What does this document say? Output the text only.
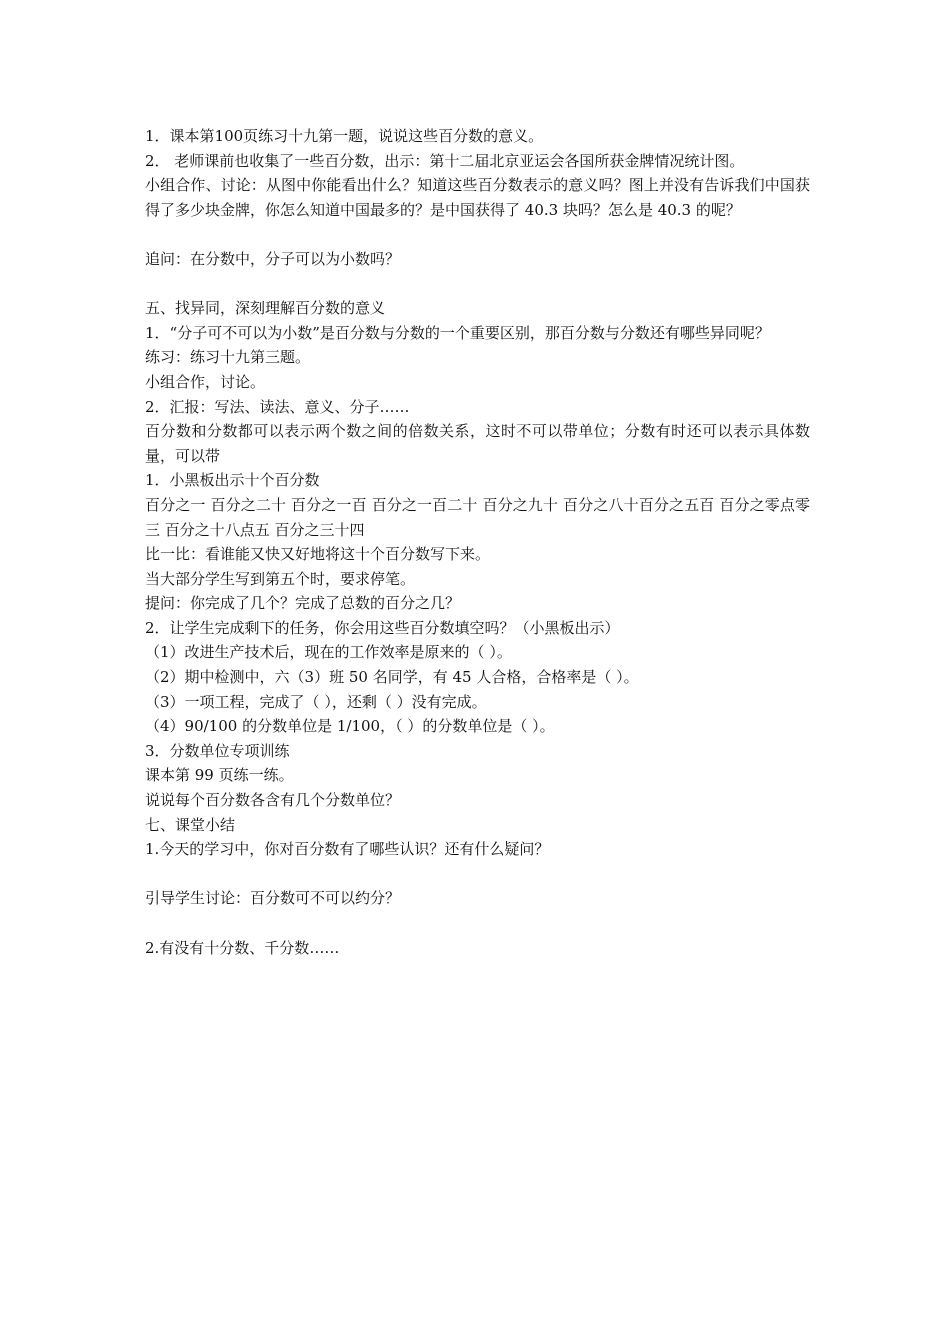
1．课本第100页练习十九第一题，说说这些百分数的意义。
2． 老师课前也收集了一些百分数，出示：第十二届北京亚运会各国所获金牌情况统计图。
小组合作、讨论：从图中你能看出什么？知道这些百分数表示的意义吗？图上并没有告诉我们中国获得了多少块金牌，你怎么知道中国最多的？是中国获得了 40.3 块吗？怎么是 40.3 的呢？
追问：在分数中，分子可以为小数吗？
五、找异同，深刻理解百分数的意义
1．“分子可不可以为小数”是百分数与分数的一个重要区别，那百分数与分数还有哪些异同呢？
练习：练习十九第三题。
小组合作，讨论。
2．汇报：写法、读法、意义、分子……
百分数和分数都可以表示两个数之间的倍数关系，这时不可以带单位；分数有时还可以表示具体数量，可以带
1．小黑板出示十个百分数
百分之一 百分之二十 百分之一百 百分之一百二十 百分之九十 百分之八十百分之五百 百分之零点零三 百分之十八点五 百分之三十四
比一比：看谁能又快又好地将这十个百分数写下来。
当大部分学生写到第五个时，要求停笔。
提问：你完成了几个？完成了总数的百分之几？
2．让学生完成剩下的任务，你会用这些百分数填空吗？（小黑板出示）
（1）改进生产技术后，现在的工作效率是原来的（ ）。
（2）期中检测中，六（3）班 50 名同学，有 45 人合格，合格率是（ ）。
（3）一项工程，完成了（ ），还剩（ ）没有完成。
（4）90/100 的分数单位是 1/100，（ ）的分数单位是（ ）。
3．分数单位专项训练
课本第 99 页练一练。
说说每个百分数各含有几个分数单位？
七、课堂小结
1.今天的学习中，你对百分数有了哪些认识？还有什么疑问？
引导学生讨论：百分数可不可以约分？
2.有没有十分数、千分数……
